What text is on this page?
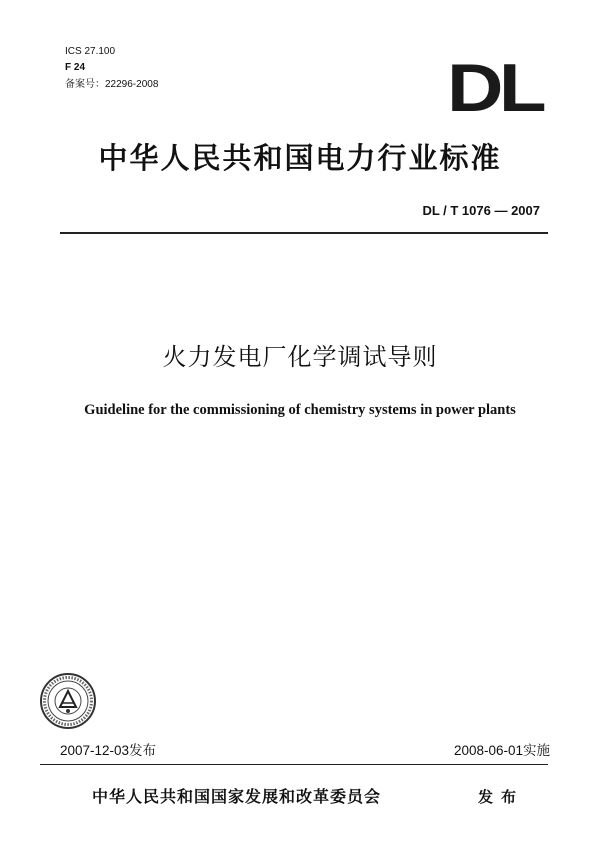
ICS 27.100
F 24
备案号：22296-2008	DL
中华人民共和国电力行业标准
DL / T 1076 — 2007
火力发电厂化学调试导则
Guideline for the commissioning of chemistry systems in power plants
2007-12-03发布	2008-06-01实施
中华人民共和国国家发展和改革委员会	发布
